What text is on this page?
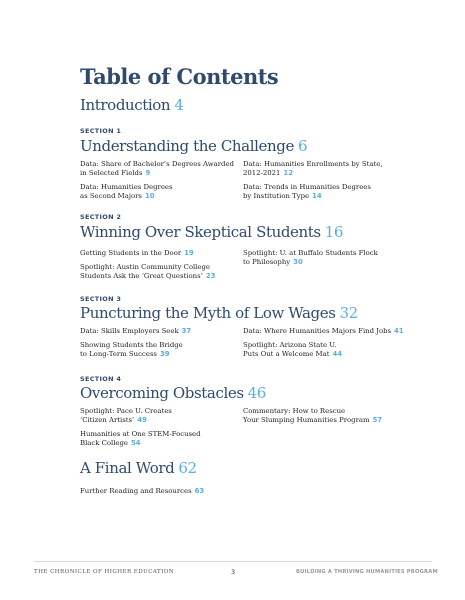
Table of Contents
Introduction 4
SECTION 1
Understanding the Challenge 6
Data: Share of Bachelor’s Degrees Awarded
in Selected Fields 9
Data: Humanities Enrollments by State,
2012-2021 12
Data: Humanities Degrees
as Second Majors 10
Data: Trends in Humanities Degrees
by Institution Type 14
SECTION 2
Winning Over Skeptical Students 16
Getting Students in the Door 19	Spotlight: U. at Buffalo Students Flock
to Philosophy 30
Spotlight: Austin Community College
Students Ask the ‘Great Questions’ 23
SECTION 3
Puncturing the Myth of Low Wages 32
Data: Skills Employers Seek 37	Data: Where Humanities Majors Find Jobs 41
Showing Students the Bridge
to Long-Term Success 39
Spotlight: Arizona State U.
Puts Out a Welcome Mat 44
SECTION 4
Overcoming Obstacles 46
Spotlight: Pace U. Creates
‘Citizen Artists’ 49
Commentary: How to Rescue
Your Slumping Humanities Program 57
Humanities at One STEM-Focused
Black College 54
A Final Word 62
Further Reading and Resources 63
THE CHRONICLE OF HIGHER EDUCATION	3	BUILDING A THRIVING HUMANITIES PROGRAM
